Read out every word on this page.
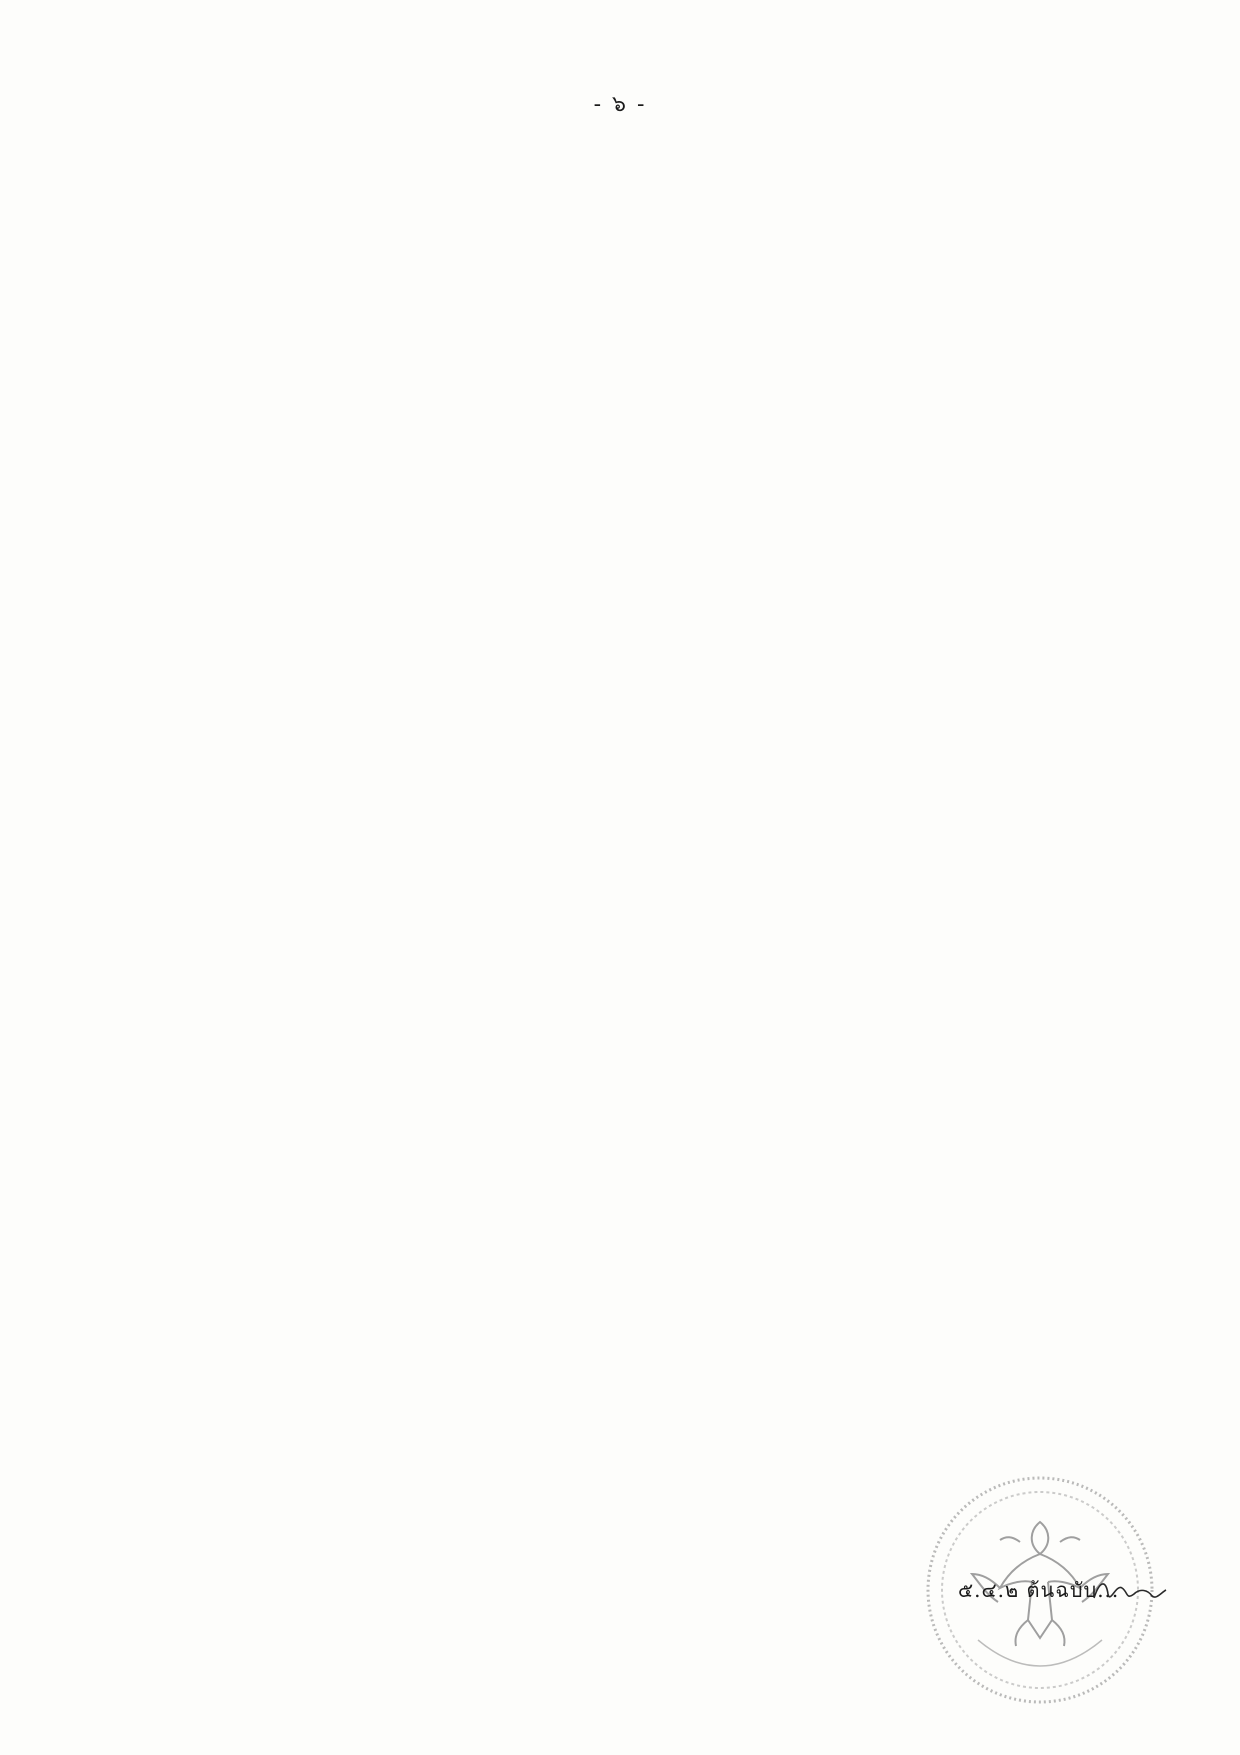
- ๖ -

๕.๔.๒ ต้นฉบับ...
